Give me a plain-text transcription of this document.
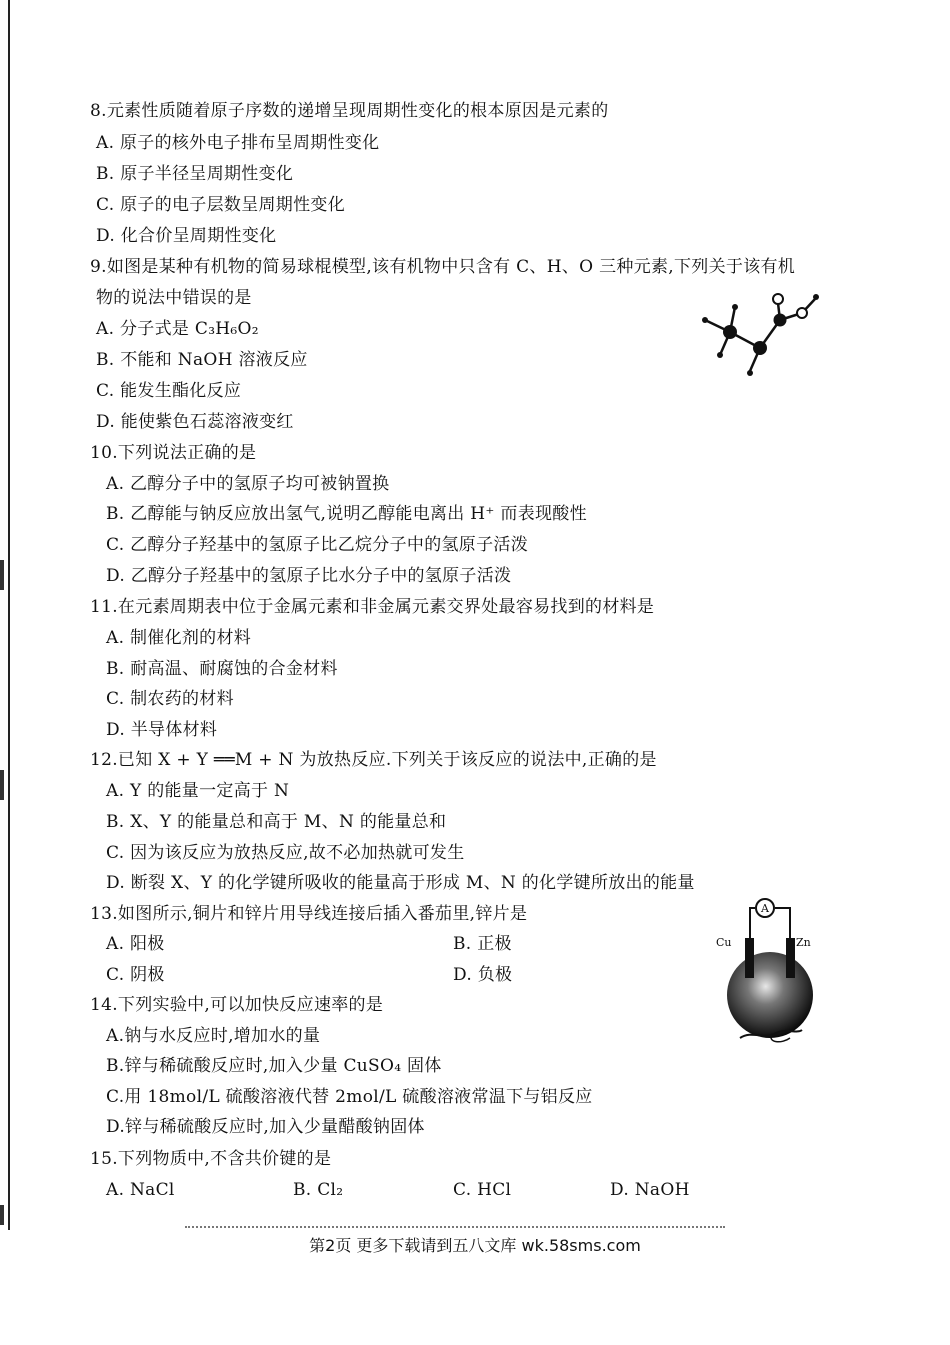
8.元素性质随着原子序数的递增呈现周期性变化的根本原因是元素的
A. 原子的核外电子排布呈周期性变化
B. 原子半径呈周期性变化
C. 原子的电子层数呈周期性变化
D. 化合价呈周期性变化
9.如图是某种有机物的简易球棍模型,该有机物中只含有 C、H、O 三种元素,下列关于该有机
物的说法中错误的是
A. 分子式是 C₃H₆O₂
B. 不能和 NaOH 溶液反应
C. 能发生酯化反应
D. 能使紫色石蕊溶液变红
10.下列说法正确的是
A. 乙醇分子中的氢原子均可被钠置换
B. 乙醇能与钠反应放出氢气,说明乙醇能电离出 H⁺ 而表现酸性
C. 乙醇分子羟基中的氢原子比乙烷分子中的氢原子活泼
D. 乙醇分子羟基中的氢原子比水分子中的氢原子活泼
11.在元素周期表中位于金属元素和非金属元素交界处最容易找到的材料是
A. 制催化剂的材料
B. 耐高温、耐腐蚀的合金材料
C. 制农药的材料
D. 半导体材料
12.已知 X + Y ══M + N 为放热反应.下列关于该反应的说法中,正确的是
A. Y 的能量一定高于 N
B. X、Y 的能量总和高于 M、N 的能量总和
C. 因为该反应为放热反应,故不必加热就可发生
D. 断裂 X、Y 的化学键所吸收的能量高于形成 M、N 的化学键所放出的能量
13.如图所示,铜片和锌片用导线连接后插入番茄里,锌片是
A. 阳极	B. 正极
C. 阴极	D. 负极
A
Cu	Zn
14.下列实验中,可以加快反应速率的是
A.钠与水反应时,增加水的量
B.锌与稀硫酸反应时,加入少量 CuSO₄ 固体
C.用 18mol/L 硫酸溶液代替 2mol/L 硫酸溶液常温下与铝反应
D.锌与稀硫酸反应时,加入少量醋酸钠固体
15.下列物质中,不含共价键的是
A. NaCl	B. Cl₂	C. HCl	D. NaOH
第2页 更多下载请到五八文库 wk.58sms.com
